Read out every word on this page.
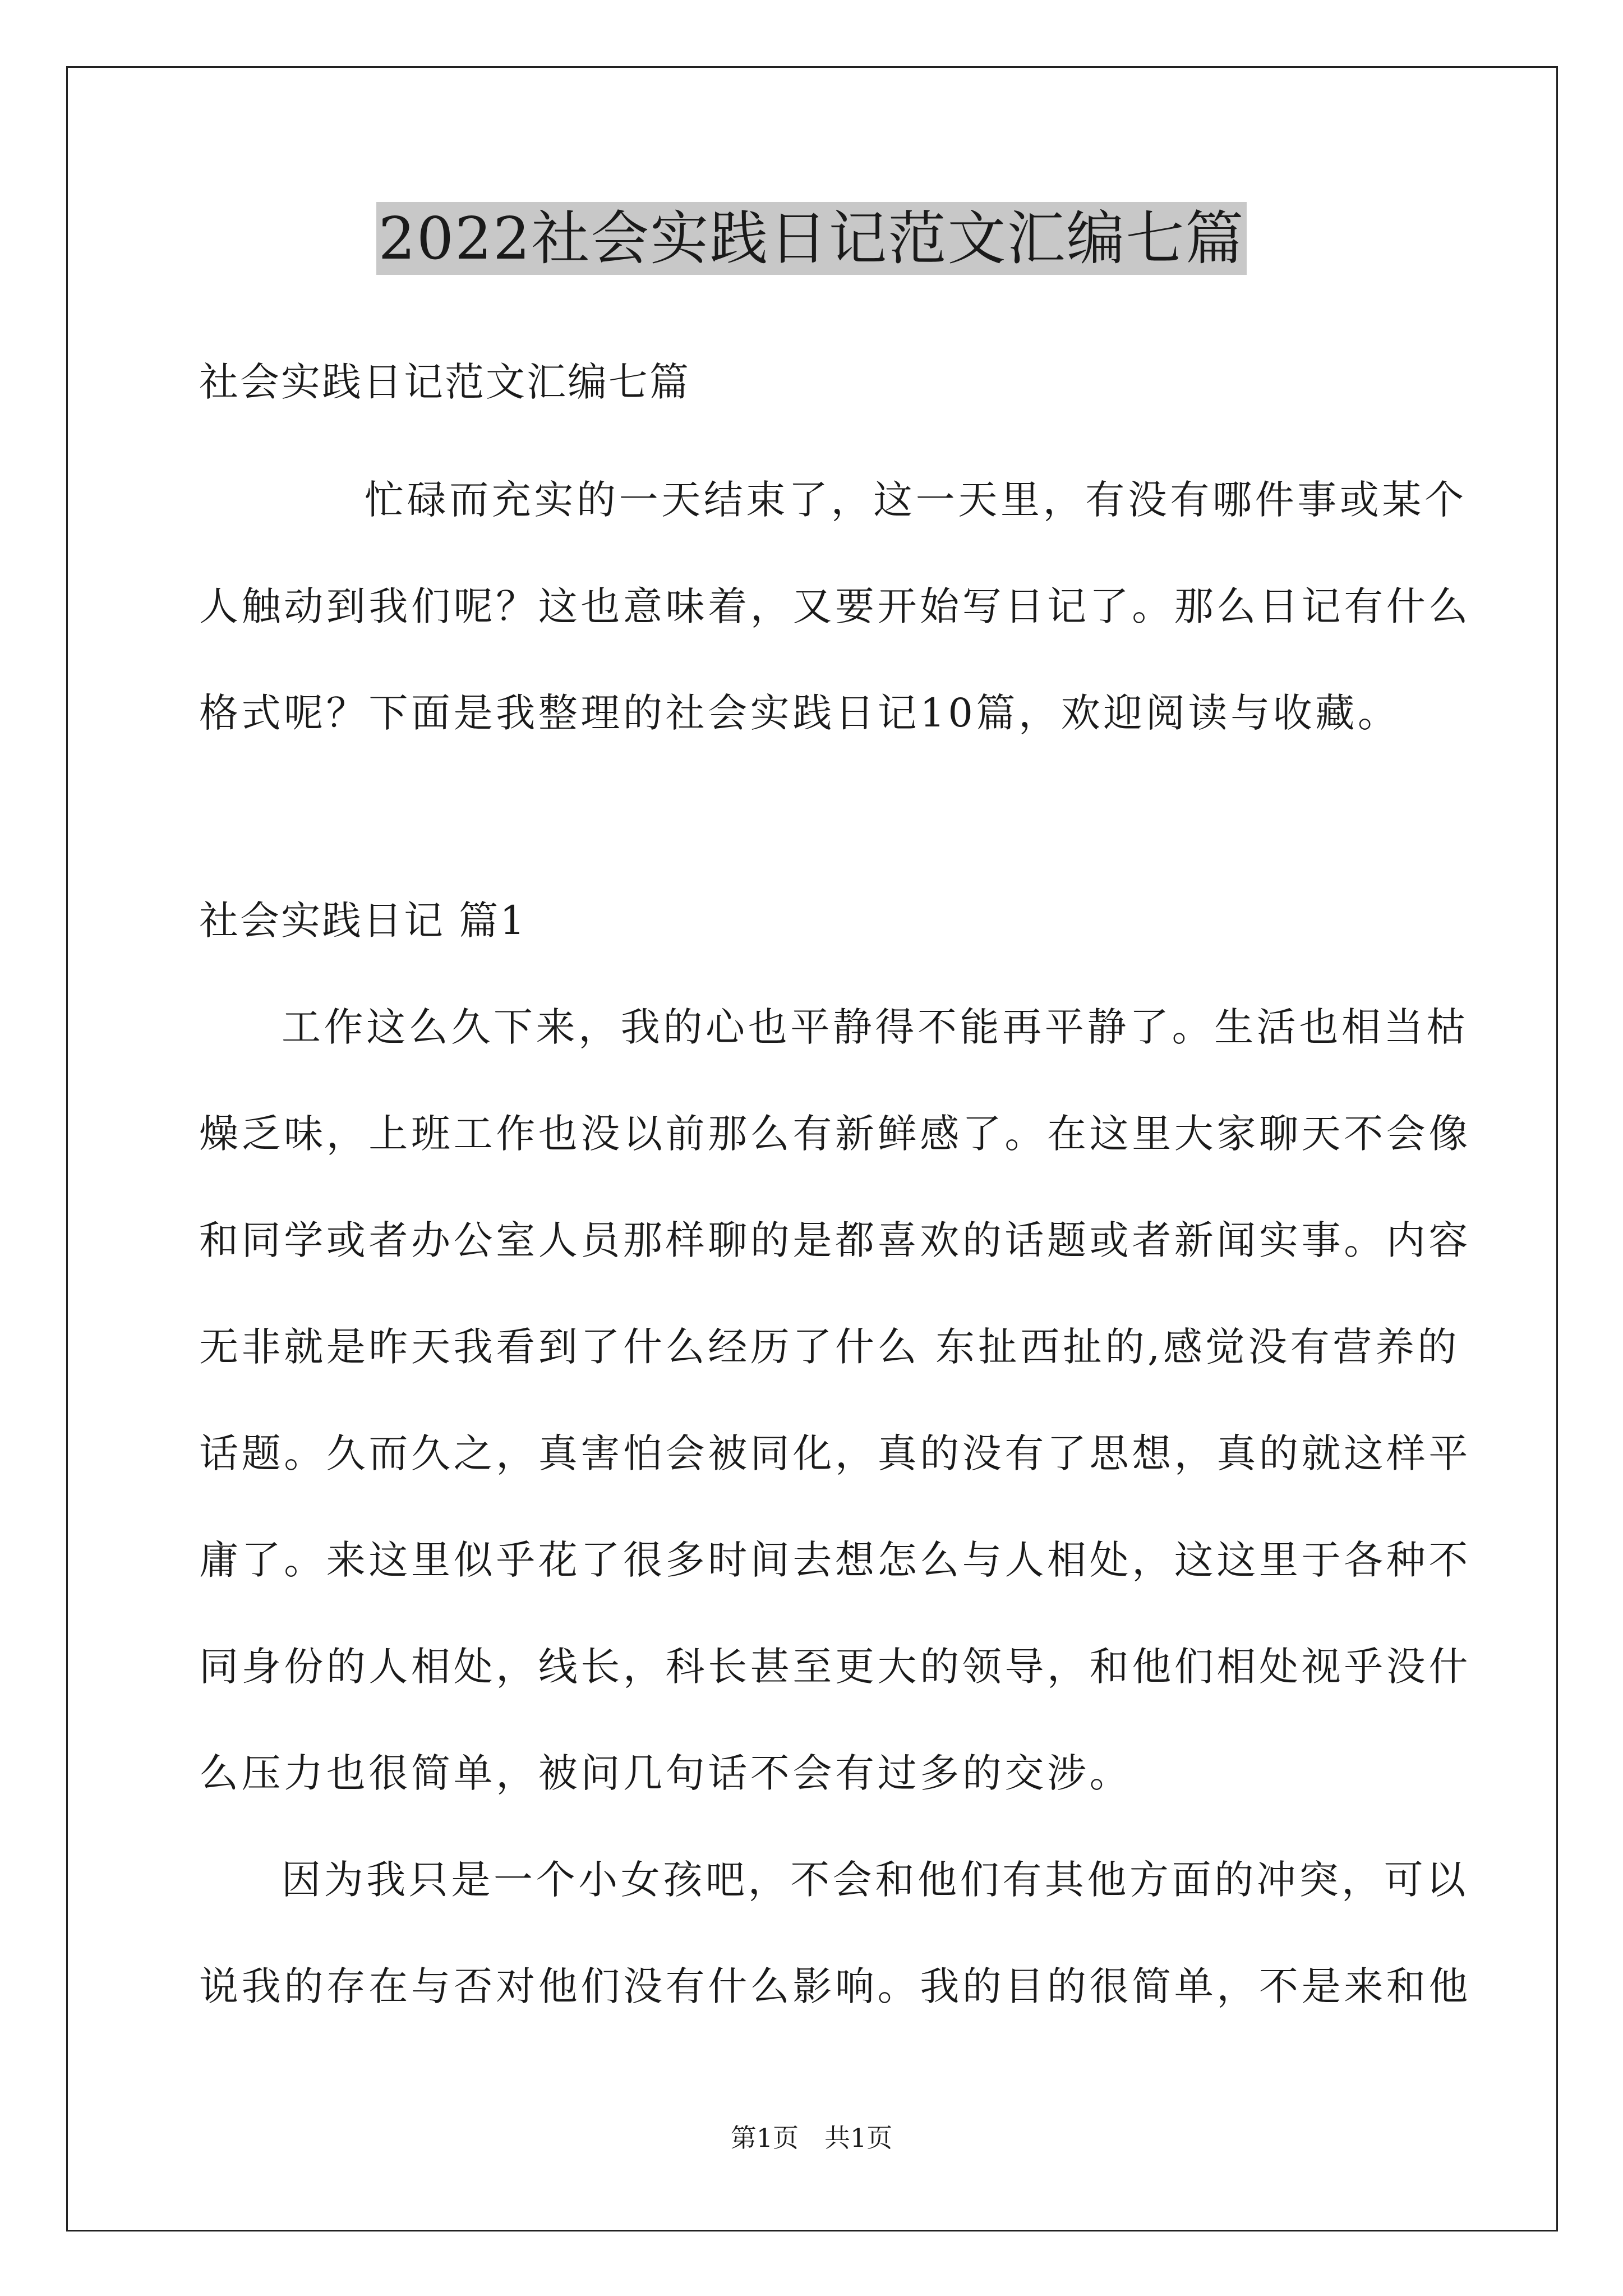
2022社会实践日记范文汇编七篇
社会实践日记范文汇编七篇
忙碌而充实的一天结束了，这一天里，有没有哪件事或某个
人触动到我们呢？这也意味着，又要开始写日记了。那么日记有什么
格式呢？下面是我整理的社会实践日记10篇，欢迎阅读与收藏。
社会实践日记 篇1
工作这么久下来，我的心也平静得不能再平静了。生活也相当枯
燥乏味，上班工作也没以前那么有新鲜感了。在这里大家聊天不会像
和同学或者办公室人员那样聊的是都喜欢的话题或者新闻实事。内容
无非就是昨天我看到了什么经历了什么 东扯西扯的,感觉没有营养的
话题。久而久之，真害怕会被同化，真的没有了思想，真的就这样平
庸了。来这里似乎花了很多时间去想怎么与人相处，这这里于各种不
同身份的人相处，线长，科长甚至更大的领导，和他们相处视乎没什
么压力也很简单，被问几句话不会有过多的交涉。
因为我只是一个小女孩吧，不会和他们有其他方面的冲突，可以
说我的存在与否对他们没有什么影响。我的目的很简单，不是来和他
第1页　共1页
